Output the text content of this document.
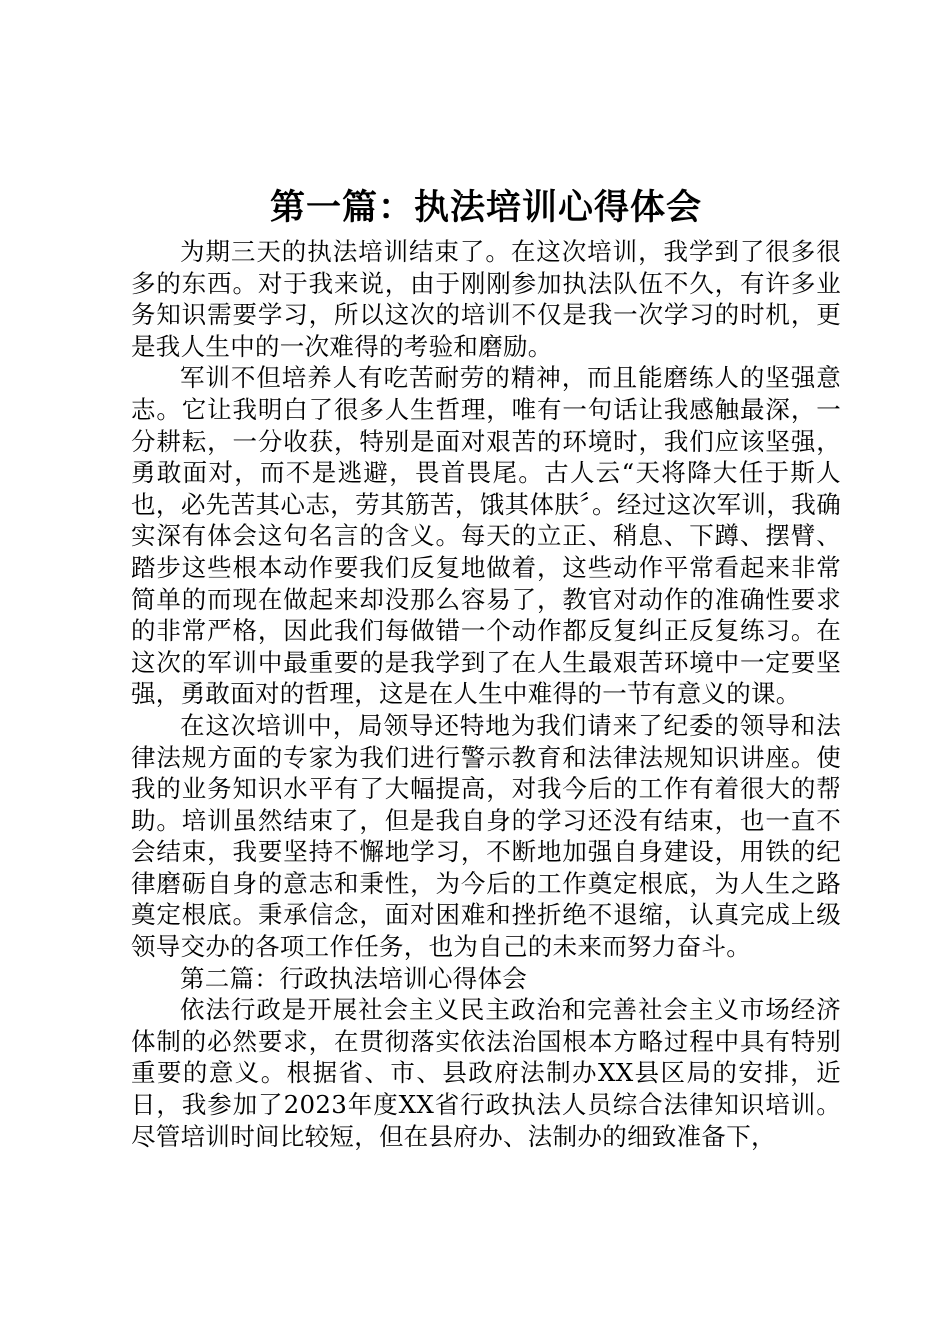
第一篇：执法培训心得体会

为期三天的执法培训结束了。在这次培训，我学到了很多很多的东西。对于我来说，由于刚刚参加执法队伍不久，有许多业务知识需要学习，所以这次的培训不仅是我一次学习的时机，更是我人生中的一次难得的考验和磨励。

军训不但培养人有吃苦耐劳的精神，而且能磨练人的坚强意志。它让我明白了很多人生哲理，唯有一句话让我感触最深，一分耕耘，一分收获，特别是面对艰苦的环境时，我们应该坚强，勇敢面对，而不是逃避，畏首畏尾。古人云“天将降大任于斯人也，必先苦其心志，劳其筋苦，饿其体肤〞。经过这次军训，我确实深有体会这句名言的含义。每天的立正、稍息、下蹲、摆臂、踏步这些根本动作要我们反复地做着，这些动作平常看起来非常简单的而现在做起来却没那么容易了，教官对动作的准确性要求的非常严格，因此我们每做错一个动作都反复纠正反复练习。在这次的军训中最重要的是我学到了在人生最艰苦环境中一定要坚强，勇敢面对的哲理，这是在人生中难得的一节有意义的课。

在这次培训中，局领导还特地为我们请来了纪委的领导和法律法规方面的专家为我们进行警示教育和法律法规知识讲座。使我的业务知识水平有了大幅提高，对我今后的工作有着很大的帮助。培训虽然结束了，但是我自身的学习还没有结束，也一直不会结束，我要坚持不懈地学习，不断地加强自身建设，用铁的纪律磨砺自身的意志和秉性，为今后的工作奠定根底，为人生之路奠定根底。秉承信念，面对困难和挫折绝不退缩，认真完成上级领导交办的各项工作任务，也为自己的未来而努力奋斗。

第二篇：行政执法培训心得体会

依法行政是开展社会主义民主政治和完善社会主义市场经济体制的必然要求，在贯彻落实依法治国根本方略过程中具有特别重要的意义。根据省、市、县政府法制办XX县区局的安排，近日，我参加了2023年度XX省行政执法人员综合法律知识培训。尽管培训时间比较短，但在县府办、法制办的细致准备下，
